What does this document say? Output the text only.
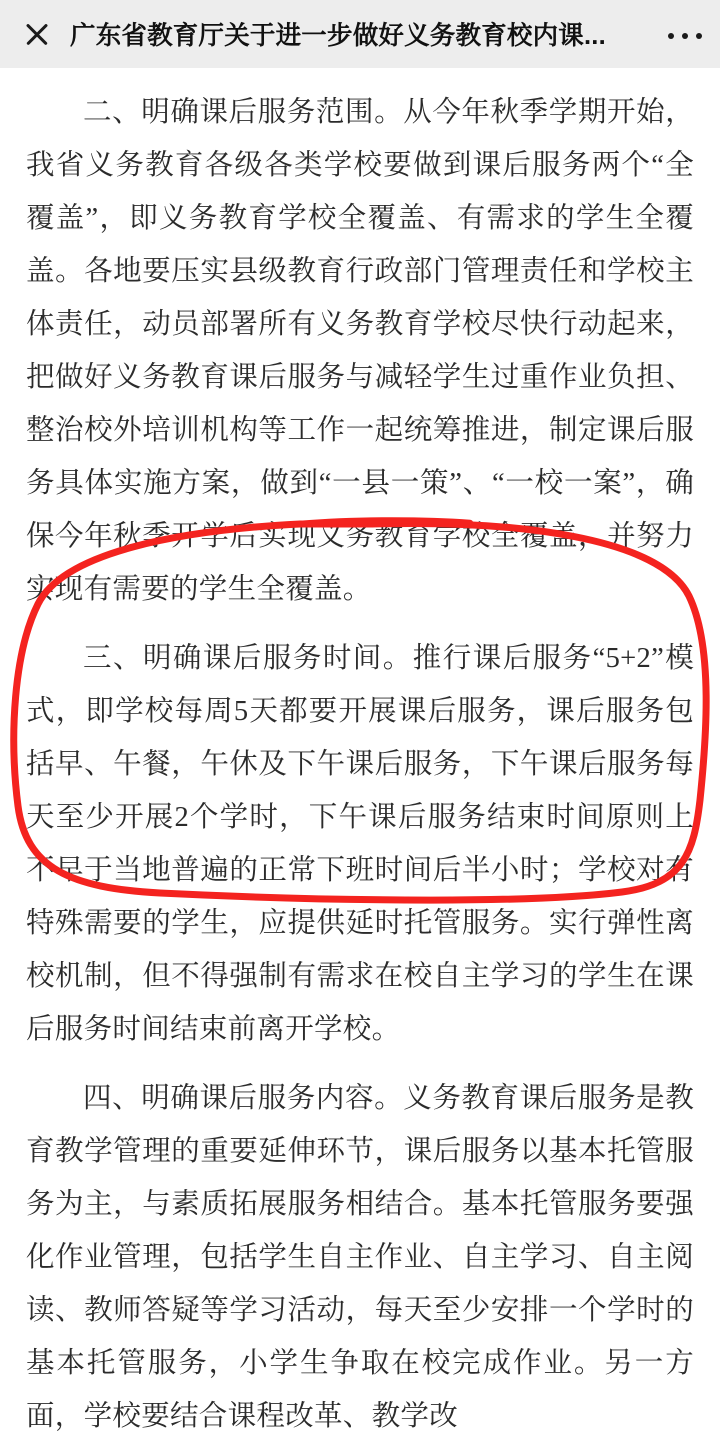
广东省教育厅关于进一步做好义务教育校内课...

二、明确课后服务范围。从今年秋季学期开始，我省义务教育各级各类学校要做到课后服务两个“全覆盖”，即义务教育学校全覆盖、有需求的学生全覆盖。各地要压实县级教育行政部门管理责任和学校主体责任，动员部署所有义务教育学校尽快行动起来，把做好义务教育课后服务与减轻学生过重作业负担、整治校外培训机构等工作一起统筹推进，制定课后服务具体实施方案，做到“一县一策”、“一校一案”，确保今年秋季开学后实现义务教育学校全覆盖，并努力实现有需要的学生全覆盖。

三、明确课后服务时间。推行课后服务“5+2”模式，即学校每周5天都要开展课后服务，课后服务包括早、午餐，午休及下午课后服务，下午课后服务每天至少开展2个学时，下午课后服务结束时间原则上不早于当地普遍的正常下班时间后半小时；学校对有特殊需要的学生，应提供延时托管服务。实行弹性离校机制，但不得强制有需求在校自主学习的学生在课后服务时间结束前离开学校。

四、明确课后服务内容。义务教育课后服务是教育教学管理的重要延伸环节，课后服务以基本托管服务为主，与素质拓展服务相结合。基本托管服务要强化作业管理，包括学生自主作业、自主学习、自主阅读、教师答疑等学习活动，每天至少安排一个学时的基本托管服务，小学生争取在校完成作业。另一方面，学校要结合课程改革、教学改
